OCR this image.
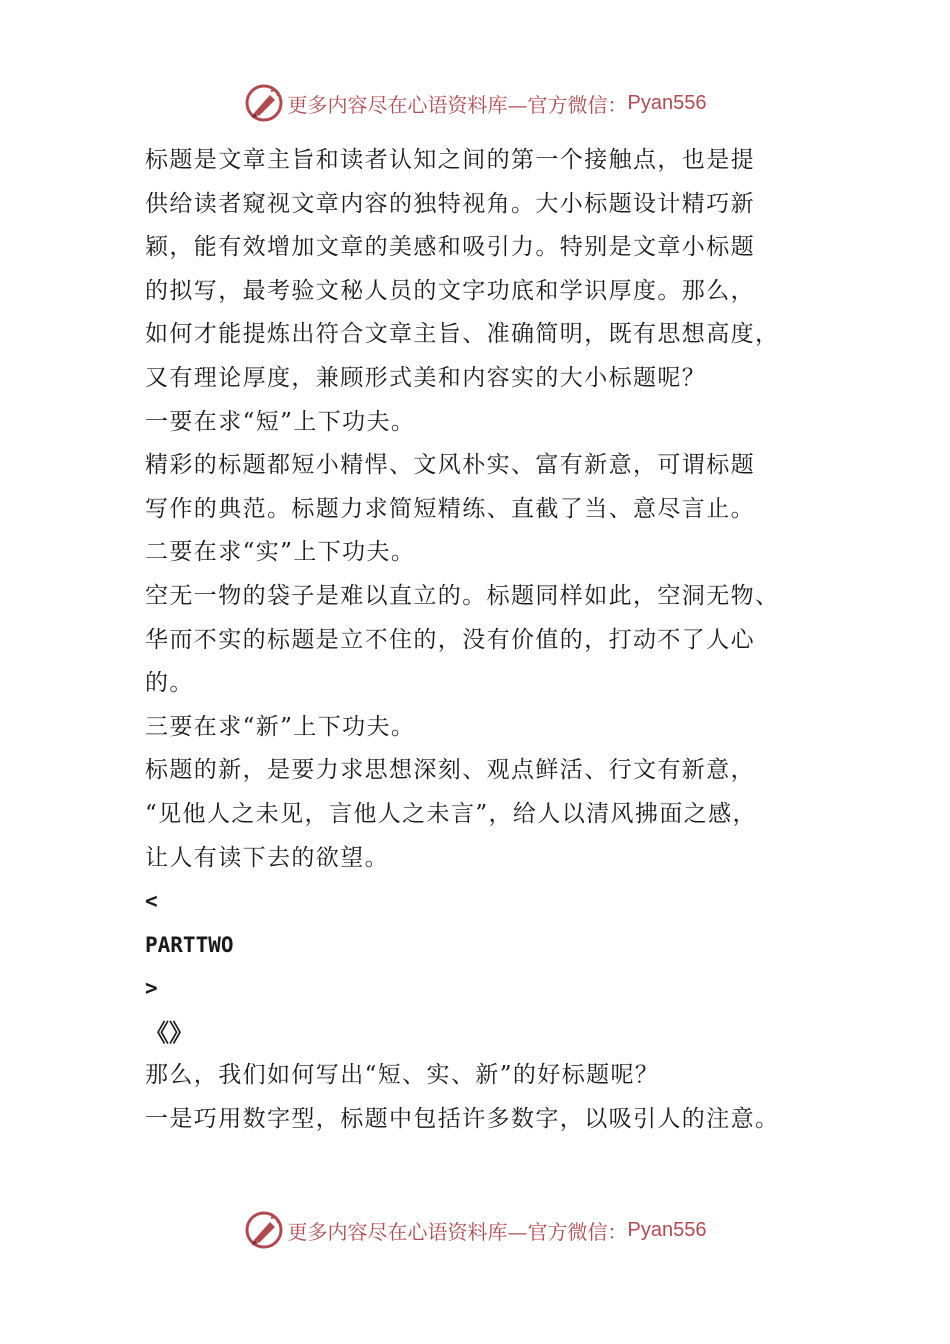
更多内容尽在心语资料库—官方微信： Pyan556
标题是文章主旨和读者认知之间的第一个接触点，也是提
供给读者窥视文章内容的独特视角。大小标题设计精巧新
颖，能有效增加文章的美感和吸引力。特别是文章小标题
的拟写，最考验文秘人员的文字功底和学识厚度。那么，
如何才能提炼出符合文章主旨、准确简明，既有思想高度，
又有理论厚度，兼顾形式美和内容实的大小标题呢？
一要在求“短”上下功夫。
精彩的标题都短小精悍、文风朴实、富有新意，可谓标题
写作的典范。标题力求简短精练、直截了当、意尽言止。
二要在求“实”上下功夫。
空无一物的袋子是难以直立的。标题同样如此，空洞无物、
华而不实的标题是立不住的，没有价值的，打动不了人心
的。
三要在求“新”上下功夫。
标题的新，是要力求思想深刻、观点鲜活、行文有新意，
“见他人之未见，言他人之未言”，给人以清风拂面之感，
让人有读下去的欲望。
<
PARTTWO
>
《》
那么，我们如何写出“短、实、新”的好标题呢？
一是巧用数字型，标题中包括许多数字，以吸引人的注意。
更多内容尽在心语资料库—官方微信： Pyan556
